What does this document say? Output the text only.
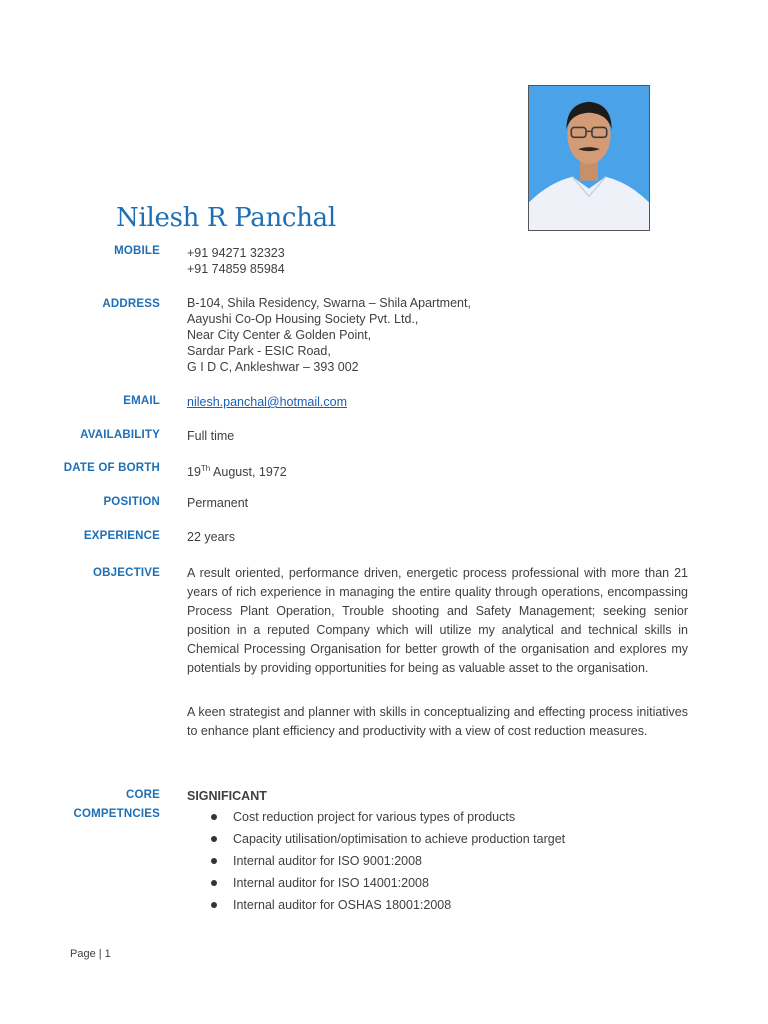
Nilesh R Panchal
MOBILE +91 94271 32323
+91 74859 85984
ADDRESS B-104, Shila Residency, Swarna – Shila Apartment,
Aayushi Co-Op Housing Society Pvt. Ltd.,
Near City Center & Golden Point,
Sardar Park - ESIC Road,
G I D C, Ankleshwar – 393 002
EMAIL nilesh.panchal@hotmail.com
AVAILABILITY Full time
DATE OF BORTH 19Th August, 1972
POSITION Permanent
EXPERIENCE 22 years
OBJECTIVE A result oriented, performance driven, energetic process professional with more than 21 years of rich experience in managing the entire quality through operations, encompassing Process Plant Operation, Trouble shooting and Safety Management; seeking senior position in a reputed Company which will utilize my analytical and technical skills in Chemical Processing Organisation for better growth of the organisation and explores my potentials by providing opportunities for being as valuable asset to the organisation.
A keen strategist and planner with skills in conceptualizing and effecting process initiatives to enhance plant efficiency and productivity with a view of cost reduction measures.
CORE
COMPETNCIES
SIGNIFICANT
Cost reduction project for various types of products
Capacity utilisation/optimisation to achieve production target
Internal auditor for ISO 9001:2008
Internal auditor for ISO 14001:2008
Internal auditor for OSHAS 18001:2008
Page | 1
